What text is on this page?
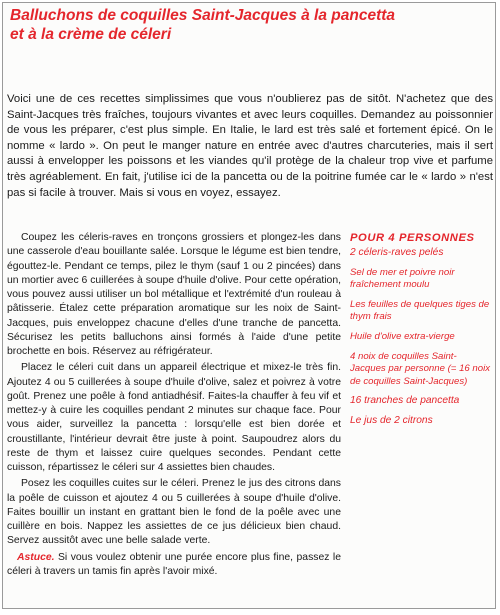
Balluchons de coquilles Saint-Jacques à la pancetta
et à la crème de céleri

Voici une de ces recettes simplissimes que vous n'oublierez pas de sitôt. N'achetez que des Saint-Jacques très fraîches, toujours vivantes et avec leurs coquilles. Demandez au poissonnier de vous les préparer, c'est plus simple. En Italie, le lard est très salé et fortement épicé. On le nomme « lardo ». On peut le manger nature en entrée avec d'autres charcuteries, mais il sert aussi à envelopper les poissons et les viandes qu'il protège de la chaleur trop vive et parfume très agréablement. En fait, j'utilise ici de la pancetta ou de la poitrine fumée car le « lardo » n'est pas si facile à trouver. Mais si vous en voyez, essayez.

Coupez les céleris-raves en tronçons grossiers et plongez-les dans une casserole d'eau bouillante salée. Lorsque le légume est bien tendre, égouttez-le. Pendant ce temps, pilez le thym (sauf 1 ou 2 pincées) dans un mortier avec 6 cuillerées à soupe d'huile d'olive. Pour cette opération, vous pouvez aussi utiliser un bol métallique et l'extrémité d'un rouleau à pâtisserie. Étalez cette préparation aromatique sur les noix de Saint-Jacques, puis enveloppez chacune d'elles d'une tranche de pancetta. Sécurisez les petits balluchons ainsi formés à l'aide d'une petite brochette en bois. Réservez au réfrigérateur.

Placez le céleri cuit dans un appareil électrique et mixez-le très fin. Ajoutez 4 ou 5 cuillerées à soupe d'huile d'olive, salez et poivrez à votre goût. Prenez une poêle à fond antiadhésif. Faites-la chauffer à feu vif et mettez-y à cuire les coquilles pendant 2 minutes sur chaque face. Pour vous aider, surveillez la pancetta : lorsqu'elle est bien dorée et croustillante, l'intérieur devrait être juste à point. Saupoudrez alors du reste de thym et laissez cuire quelques secondes. Pendant cette cuisson, répartissez le céleri sur 4 assiettes bien chaudes.

Posez les coquilles cuites sur le céleri. Prenez le jus des citrons dans la poêle de cuisson et ajoutez 4 ou 5 cuillerées à soupe d'huile d'olive. Faites bouillir un instant en grattant bien le fond de la poêle avec une cuillère en bois. Nappez les assiettes de ce jus délicieux bien chaud. Servez aussitôt avec une belle salade verte.

Astuce. Si vous voulez obtenir une purée encore plus fine, passez le céleri à travers un tamis fin après l'avoir mixé.

POUR 4 PERSONNES
2 céleris-raves pelés
Sel de mer et poivre noir fraîchement moulu
Les feuilles de quelques tiges de thym frais
Huile d'olive extra-vierge
4 noix de coquilles Saint-Jacques par personne (= 16 noix de coquilles Saint-Jacques)
16 tranches de pancetta
Le jus de 2 citrons
